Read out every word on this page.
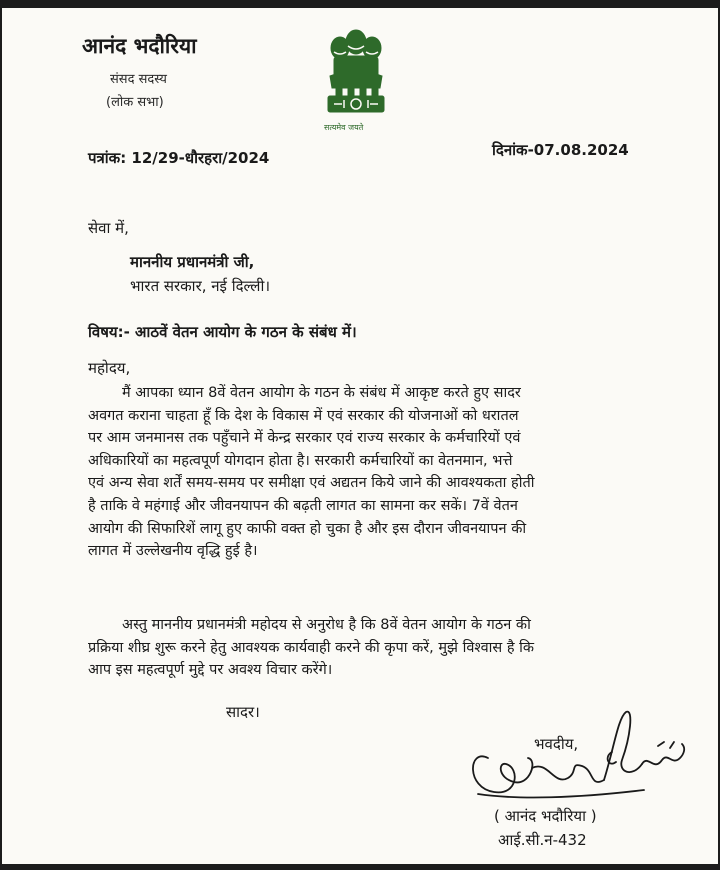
आनंद भदौरिया
संसद सदस्य
(लोक सभा)
सत्यमेव जयते
पत्रांक: 12/29-धौरहरा/2024	दिनांक-07.08.2024
सेवा में,
माननीय प्रधानमंत्री जी,
भारत सरकार, नई दिल्ली।
विषय:- आठवें वेतन आयोग के गठन के संबंध में।
महोदय,
मैं आपका ध्यान 8वें वेतन आयोग के गठन के संबंध में आकृष्ट करते हुए सादर
अवगत कराना चाहता हूँ कि देश के विकास में एवं सरकार की योजनाओं को धरातल
पर आम जनमानस तक पहुँचाने में केन्द्र सरकार एवं राज्य सरकार के कर्मचारियों एवं
अधिकारियों का महत्वपूर्ण योगदान होता है। सरकारी कर्मचारियों का वेतनमान, भत्ते
एवं अन्य सेवा शर्तें समय-समय पर समीक्षा एवं अद्यतन किये जाने की आवश्यकता होती
है ताकि वे महंगाई और जीवनयापन की बढ़ती लागत का सामना कर सकें। 7वें वेतन
आयोग की सिफारिशें लागू हुए काफी वक्त हो चुका है और इस दौरान जीवनयापन की
लागत में उल्लेखनीय वृद्धि हुई है।
अस्तु माननीय प्रधानमंत्री महोदय से अनुरोध है कि 8वें वेतन आयोग के गठन की
प्रक्रिया शीघ्र शुरू करने हेतु आवश्यक कार्यवाही करने की कृपा करें, मुझे विश्वास है कि
आप इस महत्वपूर्ण मुद्दे पर अवश्य विचार करेंगे।
सादर।
भवदीय,
( आनंद भदौरिया )
आई.सी.न-432
